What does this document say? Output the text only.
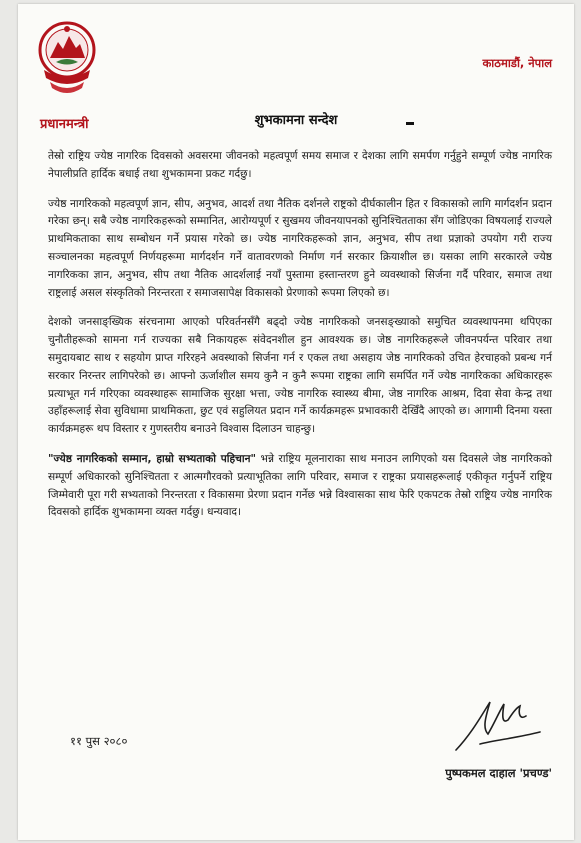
प्रधानमन्त्री
काठमाडौं, नेपाल
शुभकामना सन्देश

तेस्रो राष्ट्रिय ज्येष्ठ नागरिक दिवसको अवसरमा जीवनको महत्वपूर्ण समय समाज र देशका लागि समर्पण गर्नुहुने सम्पूर्ण ज्येष्ठ नागरिक नेपालीप्रति हार्दिक बधाई तथा शुभकामना प्रकट गर्दछु।

ज्येष्ठ नागरिकको महत्वपूर्ण ज्ञान, सीप, अनुभव, आदर्श तथा नैतिक दर्शनले राष्ट्रको दीर्घकालीन हित र विकासको लागि मार्गदर्शन प्रदान गरेका छन्। सबै ज्येष्ठ नागरिकहरूको सम्मानित, आरोग्यपूर्ण र सुखमय जीवनयापनको सुनिश्चितताका सँग जोडिएका विषयलाई राज्यले प्राथमिकताका साथ सम्बोधन गर्ने प्रयास गरेको छ। ज्येष्ठ नागरिकहरूको ज्ञान, अनुभव, सीप तथा प्रज्ञाको उपयोग गरी राज्य सञ्चालनका महत्वपूर्ण निर्णयहरूमा मार्गदर्शन गर्ने वातावरणको निर्माण गर्न सरकार क्रियाशील छ। यसका लागि सरकारले ज्येष्ठ नागरिकका ज्ञान, अनुभव, सीप तथा नैतिक आदर्शलाई नयाँ पुस्तामा हस्तान्तरण हुने व्यवस्थाको सिर्जना गर्दै परिवार, समाज तथा राष्ट्रलाई असल संस्कृतिको निरन्तरता र समाजसापेक्ष विकासको प्रेरणाको रूपमा लिएको छ।

देशको जनसाङ्ख्यिक संरचनामा आएको परिवर्तनसँगै बढ्दो ज्येष्ठ नागरिकको जनसङ्ख्याको समुचित व्यवस्थापनमा थपिएका चुनौतीहरूको सामना गर्न राज्यका सबै निकायहरू संवेदनशील हुन आवश्यक छ। जेष्ठ नागरिकहरूले जीवनपर्यन्त परिवार तथा समुदायबाट साथ र सहयोग प्राप्त गरिरहने अवस्थाको सिर्जना गर्न र एकल तथा असहाय जेष्ठ नागरिकको उचित हेरचाहको प्रबन्ध गर्न सरकार निरन्तर लागिपरेको छ। आफ्नो ऊर्जाशील समय कुनै न कुनै रूपमा राष्ट्रका लागि समर्पित गर्ने ज्येष्ठ नागरिकका अधिकारहरू प्रत्याभूत गर्न गरिएका व्यवस्थाहरू सामाजिक सुरक्षा भत्ता, ज्येष्ठ नागरिक स्वास्थ्य बीमा, जेष्ठ नागरिक आश्रम, दिवा सेवा केन्द्र तथा उहाँहरूलाई सेवा सुविधामा प्राथमिकता, छुट एवं सहुलियत प्रदान गर्ने कार्यक्रमहरू प्रभावकारी देखिँदै आएको छ। आगामी दिनमा यस्ता कार्यक्रमहरू थप विस्तार र गुणस्तरीय बनाउने विश्वास दिलाउन चाहन्छु।

"ज्येष्ठ नागरिकको सम्मान, हाम्रो सभ्यताको पहिचान" भन्ने राष्ट्रिय मूलनाराका साथ मनाउन लागिएको यस दिवसले जेष्ठ नागरिकको सम्पूर्ण अधिकारको सुनिश्चितता र आत्मगौरवको प्रत्याभूतिका लागि परिवार, समाज र राष्ट्रका प्रयासहरूलाई एकीकृत गर्नुपर्ने राष्ट्रिय जिम्मेवारी पूरा गरी सभ्यताको निरन्तरता र विकासमा प्रेरणा प्रदान गर्नेछ भन्ने विश्वासका साथ फेरि एकपटक तेस्रो राष्ट्रिय ज्येष्ठ नागरिक दिवसको हार्दिक शुभकामना व्यक्त गर्दछु। धन्यवाद।

११ पुस २०८०
पुष्पकमल दाहाल 'प्रचण्ड'
